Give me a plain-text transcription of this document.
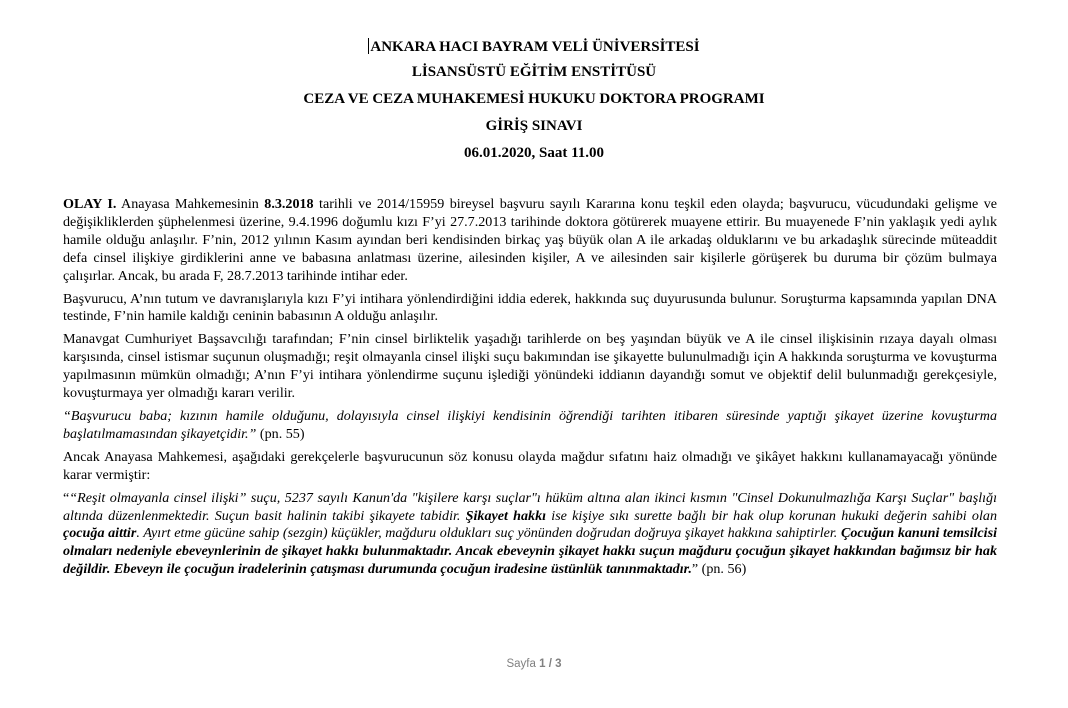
ANKARA HACI BAYRAM VELİ ÜNİVERSİTESİ
LİSANSÜSTÜ EĞİTİM ENSTİTÜSÜ
CEZA VE CEZA MUHAKEMESİ HUKUKU DOKTORA PROGRAMI
GİRİŞ SINAVI
06.01.2020, Saat 11.00

OLAY I. Anayasa Mahkemesinin 8.3.2018 tarihli ve 2014/15959 bireysel başvuru sayılı Kararına konu teşkil eden olayda; başvurucu, vücudundaki gelişme ve değişikliklerden şüphelenmesi üzerine, 9.4.1996 doğumlu kızı F’yi 27.7.2013 tarihinde doktora götürerek muayene ettirir. Bu muayenede F’nin yaklaşık yedi aylık hamile olduğu anlaşılır. F’nin, 2012 yılının Kasım ayından beri kendisinden birkaç yaş büyük olan A ile arkadaş olduklarını ve bu arkadaşlık sürecinde müteaddit defa cinsel ilişkiye girdiklerini anne ve babasına anlatması üzerine, ailesinden kişiler, A ve ailesinden sair kişilerle görüşerek bu duruma bir çözüm bulmaya çalışırlar. Ancak, bu arada F, 28.7.2013 tarihinde intihar eder.

Başvurucu, A’nın tutum ve davranışlarıyla kızı F’yi intihara yönlendirdiğini iddia ederek, hakkında suç duyurusunda bulunur. Soruşturma kapsamında yapılan DNA testinde, F’nin hamile kaldığı ceninin babasının A olduğu anlaşılır.

Manavgat Cumhuriyet Başsavcılığı tarafından; F’nin cinsel birliktelik yaşadığı tarihlerde on beş yaşından büyük ve A ile cinsel ilişkisinin rızaya dayalı olması karşısında, cinsel istismar suçunun oluşmadığı; reşit olmayanla cinsel ilişki suçu bakımından ise şikayette bulunulmadığı için A hakkında soruşturma ve kovuşturma yapılmasının mümkün olmadığı; A’nın F’yi intihara yönlendirme suçunu işlediği yönündeki iddianın dayandığı somut ve objektif delil bulunmadığı gerekçesiyle, kovuşturmaya yer olmadığı kararı verilir.

“Başvurucu baba; kızının hamile olduğunu, dolayısıyla cinsel ilişkiyi kendisinin öğrendiği tarihten itibaren süresinde yaptığı şikayet üzerine kovuşturma başlatılmamasından şikayetçidir.” (pn. 55)

Ancak Anayasa Mahkemesi, aşağıdaki gerekçelerle başvurucunun söz konusu olayda mağdur sıfatını haiz olmadığı ve şikâyet hakkını kullanamayacağı yönünde karar vermiştir:

““Reşit olmayanla cinsel ilişki” suçu, 5237 sayılı Kanun'da "kişilere karşı suçlar"ı hüküm altına alan ikinci kısmın "Cinsel Dokunulmazlığa Karşı Suçlar" başlığı altında düzenlenmektedir. Suçun basit halinin takibi şikayete tabidir. Şikayet hakkı ise kişiye sıkı surette bağlı bir hak olup korunan hukuki değerin sahibi olan çocuğa aittir. Ayırt etme gücüne sahip (sezgin) küçükler, mağduru oldukları suç yönünden doğrudan doğruya şikayet hakkına sahiptirler. Çocuğun kanuni temsilcisi olmaları nedeniyle ebeveynlerinin de şikayet hakkı bulunmaktadır. Ancak ebeveynin şikayet hakkı suçun mağduru çocuğun şikayet hakkından bağımsız bir hak değildir. Ebeveyn ile çocuğun iradelerinin çatışması durumunda çocuğun iradesine üstünlük tanınmaktadır.” (pn. 56)

Sayfa 1 / 3
